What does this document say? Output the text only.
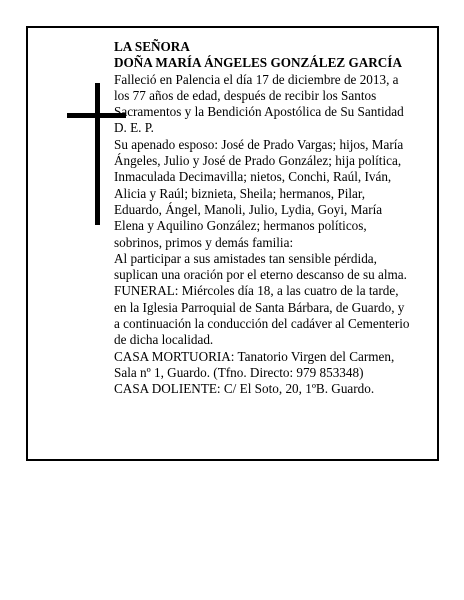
LA SEÑORA
DOÑA MARÍA ÁNGELES GONZÁLEZ GARCÍA
Falleció en Palencia el día 17 de diciembre de 2013, a
los 77 años de edad, después de recibir los Santos
Sacramentos y la Bendición Apostólica de Su Santidad
D. E. P.
Su apenado esposo: José de Prado Vargas; hijos, María
Ángeles, Julio y José de Prado González; hija política,
Inmaculada Decimavilla; nietos, Conchi, Raúl, Iván,
Alicia y Raúl; biznieta, Sheila; hermanos, Pilar,
Eduardo, Ángel, Manoli, Julio, Lydia, Goyi, María
Elena y Aquilino González; hermanos políticos,
sobrinos, primos y demás familia:
Al participar a sus amistades tan sensible pérdida,
suplican una oración por el eterno descanso de su alma.
FUNERAL: Miércoles día 18, a las cuatro de la tarde,
en la Iglesia Parroquial de Santa Bárbara, de Guardo, y
a continuación la conducción del cadáver al Cementerio
de dicha localidad.
CASA MORTUORIA: Tanatorio Virgen del Carmen,
Sala nº 1, Guardo. (Tfno. Directo: 979 853348)
CASA DOLIENTE: C/ El Soto, 20, 1ºB. Guardo.
